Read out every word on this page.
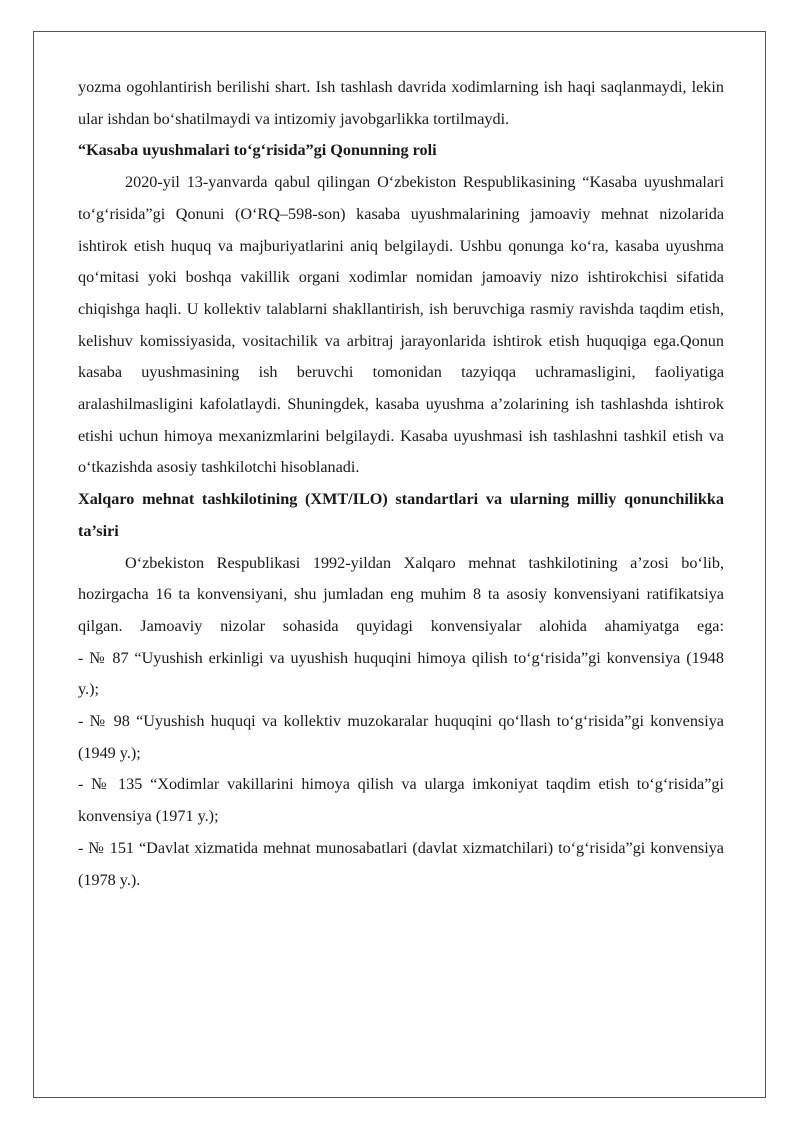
yozma ogohlantirish berilishi shart. Ish tashlash davrida xodimlarning ish haqi saqlanmaydi, lekin ular ishdan bo‘shatilmaydi va intizomiy javobgarlikka tortilmaydi.

“Kasaba uyushmalari to‘g‘risida”gi Qonunning roli

2020-yil 13-yanvarda qabul qilingan O‘zbekiston Respublikasining “Kasaba uyushmalari to‘g‘risida”gi Qonuni (O‘RQ–598-son) kasaba uyushmalarining jamoaviy mehnat nizolarida ishtirok etish huquq va majburiyatlarini aniq belgilaydi. Ushbu qonunga ko‘ra, kasaba uyushma qo‘mitasi yoki boshqa vakillik organi xodimlar nomidan jamoaviy nizo ishtirokchisi sifatida chiqishga haqli. U kollektiv talablarni shakllantirish, ish beruvchiga rasmiy ravishda taqdim etish, kelishuv komissiyasida, vositachilik va arbitraj jarayonlarida ishtirok etish huquqiga ega.Qonun kasaba uyushmasining ish beruvchi tomonidan tazyiqqa uchramasligini, faoliyatiga aralashilmasligini kafolatlaydi. Shuningdek, kasaba uyushma a’zolarining ish tashlashda ishtirok etishi uchun himoya mexanizmlarini belgilaydi. Kasaba uyushmasi ish tashlashni tashkil etish va o‘tkazishda asosiy tashkilotchi hisoblanadi.

Xalqaro mehnat tashkilotining (XMT/ILO) standartlari va ularning milliy qonunchilikka ta’siri

O‘zbekiston Respublikasi 1992-yildan Xalqaro mehnat tashkilotining a’zosi bo‘lib, hozirgacha 16 ta konvensiyani, shu jumladan eng muhim 8 ta asosiy konvensiyani ratifikatsiya qilgan. Jamoaviy nizolar sohasida quyidagi konvensiyalar alohida ahamiyatga ega:

- № 87 “Uyushish erkinligi va uyushish huquqini himoya qilish to‘g‘risida”gi konvensiya (1948 y.);

- № 98 “Uyushish huquqi va kollektiv muzokaralar huquqini qo‘llash to‘g‘risida”gi konvensiya (1949 y.);

- № 135 “Xodimlar vakillarini himoya qilish va ularga imkoniyat taqdim etish to‘g‘risida”gi konvensiya (1971 y.);

- № 151 “Davlat xizmatida mehnat munosabatlari (davlat xizmatchilari) to‘g‘risida”gi konvensiya (1978 y.).
